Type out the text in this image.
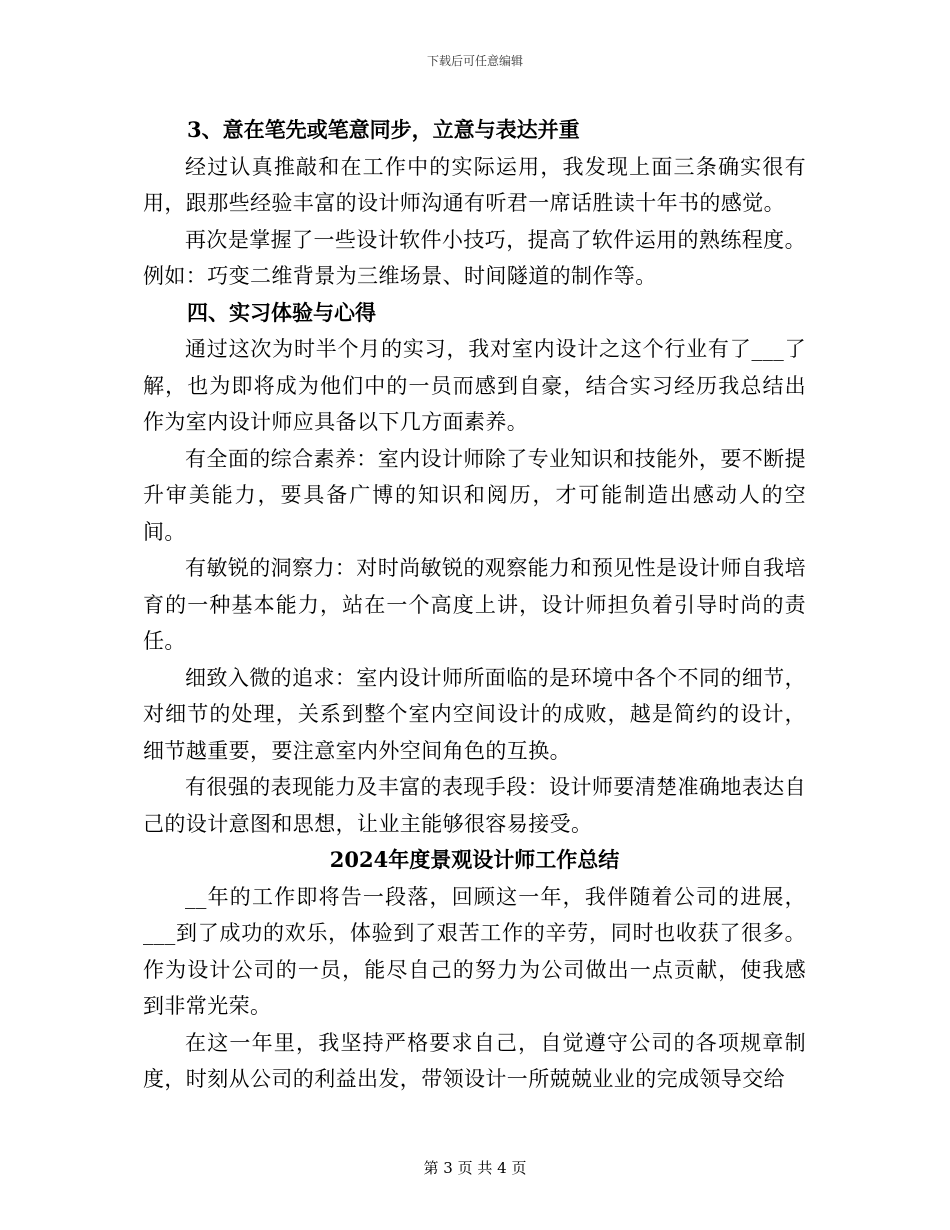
下载后可任意编辑

3、意在笔先或笔意同步，立意与表达并重

经过认真推敲和在工作中的实际运用，我发现上面三条确实很有用，跟那些经验丰富的设计师沟通有听君一席话胜读十年书的感觉。

再次是掌握了一些设计软件小技巧，提高了软件运用的熟练程度。例如：巧变二维背景为三维场景、时间隧道的制作等。

四、实习体验与心得

通过这次为时半个月的实习，我对室内设计之这个行业有了___了解，也为即将成为他们中的一员而感到自豪，结合实习经历我总结出作为室内设计师应具备以下几方面素养。

有全面的综合素养：室内设计师除了专业知识和技能外，要不断提升审美能力，要具备广博的知识和阅历，才可能制造出感动人的空间。

有敏锐的洞察力：对时尚敏锐的观察能力和预见性是设计师自我培育的一种基本能力，站在一个高度上讲，设计师担负着引导时尚的责任。

细致入微的追求：室内设计师所面临的是环境中各个不同的细节，对细节的处理，关系到整个室内空间设计的成败，越是简约的设计，细节越重要，要注意室内外空间角色的互换。

有很强的表现能力及丰富的表现手段：设计师要清楚准确地表达自己的设计意图和思想，让业主能够很容易接受。

2024年度景观设计师工作总结

__年的工作即将告一段落，回顾这一年，我伴随着公司的进展，___到了成功的欢乐，体验到了艰苦工作的辛劳，同时也收获了很多。作为设计公司的一员，能尽自己的努力为公司做出一点贡献，使我感到非常光荣。

在这一年里，我坚持严格要求自己，自觉遵守公司的各项规章制度，时刻从公司的利益出发，带领设计一所兢兢业业的完成领导交给

第 3 页 共 4 页
